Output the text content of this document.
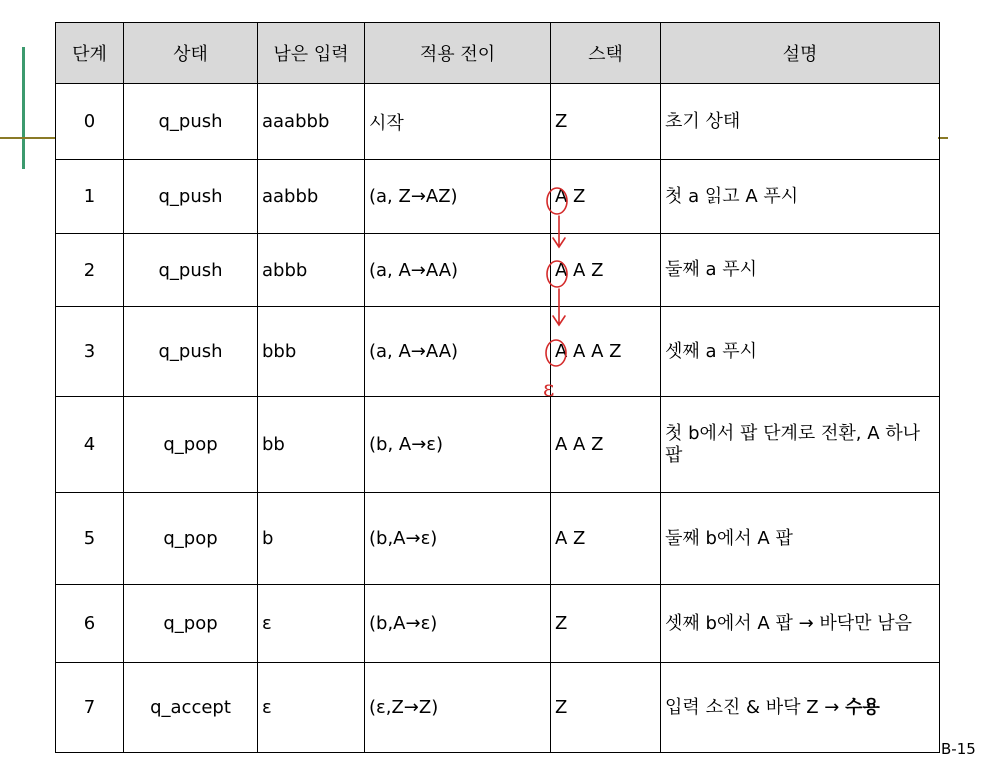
단계	상태	남은 입력	적용 전이	스택	설명
0	q_push	aaabbb	시작	Z	초기 상태
1	q_push	aabbb	(a, Z→AZ)	A Z	첫 a 읽고 A 푸시
2	q_push	abbb	(a, A→AA)	A A Z	둘째 a 푸시
3	q_push	bbb	(a, A→AA)	A A A Z	셋째 a 푸시
4	q_pop	bb	(b, A→ε)	A A Z	첫 b에서 팝 단계로 전환, A 하나 팝
5	q_pop	b	(b,A→ε)	A Z	둘째 b에서 A 팝
6	q_pop	ε	(b,A→ε)	Z	셋째 b에서 A 팝 → 바닥만 남음
7	q_accept	ε	(ε,Z→Z)	Z	입력 소진 & 바닥 Z → 수용
ε
B-15
